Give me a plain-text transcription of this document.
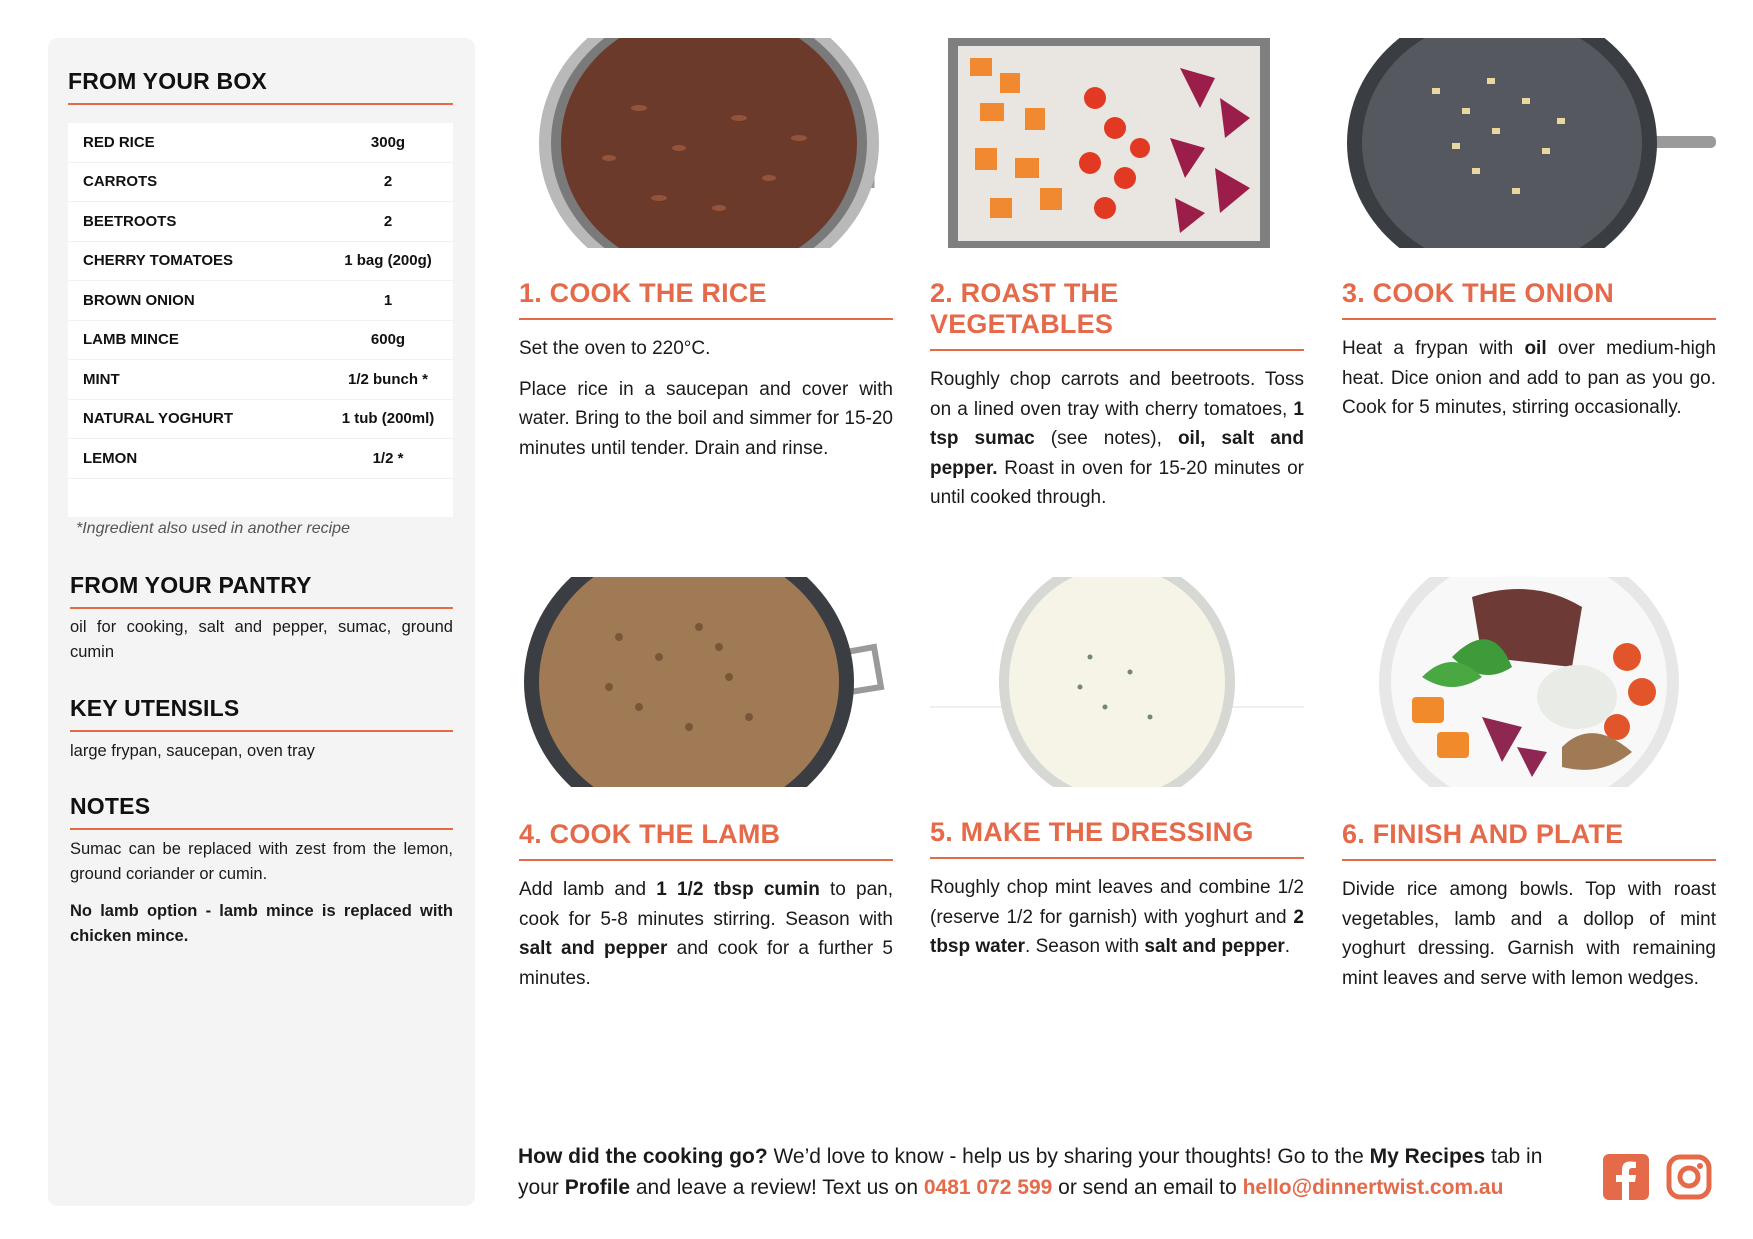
FROM YOUR BOX
RED RICE	300g
CARROTS	2
BEETROOTS	2
CHERRY TOMATOES	1 bag (200g)
BROWN ONION	1
LAMB MINCE	600g
MINT	1/2 bunch *
NATURAL YOGHURT	1 tub (200ml)
LEMON	1/2 *
*Ingredient also used in another recipe
FROM YOUR PANTRY
oil for cooking, salt and pepper, sumac, ground cumin
KEY UTENSILS
large frypan, saucepan, oven tray
NOTES
Sumac can be replaced with zest from the lemon, ground coriander or cumin.
No lamb option - lamb mince is replaced with chicken mince.
1. COOK THE RICE

Set the oven to 220°C.

Place rice in a saucepan and cover with water. Bring to the boil and simmer for 15-20 minutes until tender. Drain and rinse.

2. ROAST THE VEGETABLES

Roughly chop carrots and beetroots. Toss on a lined oven tray with cherry tomatoes, 1 tsp sumac (see notes), oil, salt and pepper. Roast in oven for 15-20 minutes or until cooked through.

3. COOK THE ONION

Heat a frypan with oil over medium-high heat. Dice onion and add to pan as you go. Cook for 5 minutes, stirring occasionally.

4. COOK THE LAMB

Add lamb and 1 1/2 tbsp cumin to pan, cook for 5-8 minutes stirring. Season with salt and pepper and cook for a further 5 minutes.

5. MAKE THE DRESSING

Roughly chop mint leaves and combine 1/2 (reserve 1/2 for garnish) with yoghurt and 2 tbsp water. Season with salt and pepper.

6. FINISH AND PLATE

Divide rice among bowls. Top with roast vegetables, lamb and a dollop of mint yoghurt dressing. Garnish with remaining mint leaves and serve with lemon wedges.

How did the cooking go? We’d love to know - help us by sharing your thoughts! Go to the My Recipes tab in your Profile and leave a review! Text us on 0481 072 599 or send an email to hello@dinnertwist.com.au
